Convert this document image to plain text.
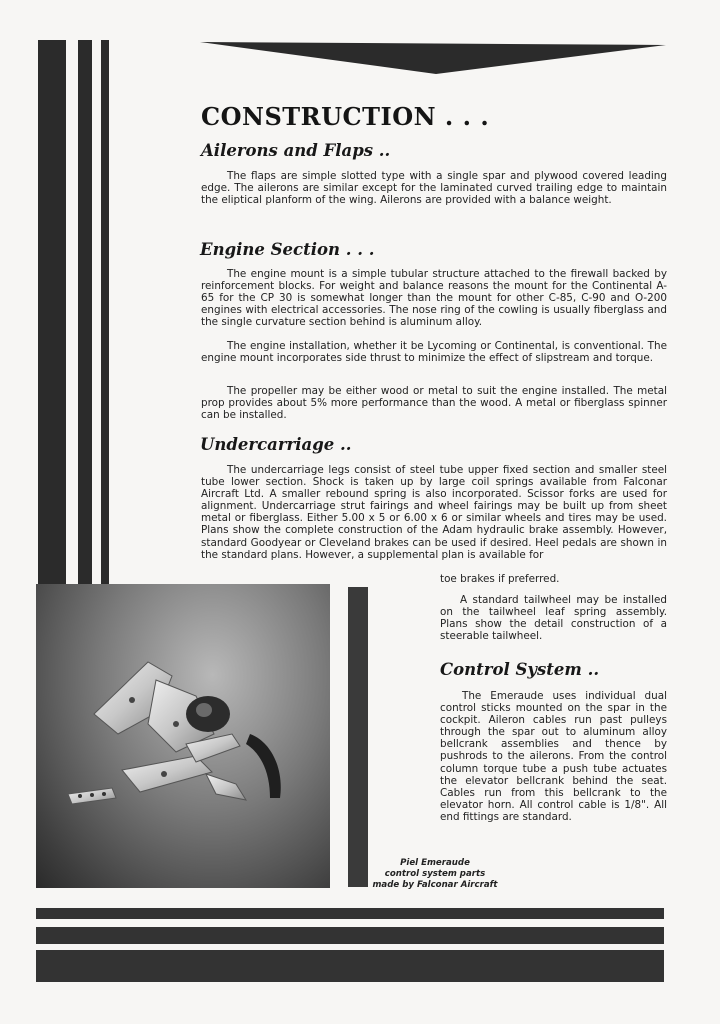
CONSTRUCTION . . .
Ailerons and Flaps ..

The flaps are simple slotted type with a single spar and plywood covered leading edge. The ailerons are similar except for the laminated curved trailing edge to maintain the eliptical planform of the wing. Ailerons are provided with a balance weight.

Engine Section . . .

The engine mount is a simple tubular structure attached to the firewall backed by reinforcement blocks. For weight and balance reasons the mount for the Continental A-65 for the CP 30 is somewhat longer than the mount for other C-85, C-90 and O-200 engines with electrical accessories. The nose ring of the cowling is usually fiberglass and the single curvature section behind is aluminum alloy.

The engine installation, whether it be Lycoming or Continental, is conventional. The engine mount incorporates side thrust to minimize the effect of slipstream and torque.

The propeller may be either wood or metal to suit the engine installed. The metal prop provides about 5% more performance than the wood. A metal or fiberglass spinner can be installed.

Undercarriage ..

The undercarriage legs consist of steel tube upper fixed section and smaller steel tube lower section. Shock is taken up by large coil springs available from Falconar Aircraft Ltd. A smaller rebound spring is also incorporated. Scissor forks are used for alignment. Undercarriage strut fairings and wheel fairings may be built up from sheet metal or fiberglass. Either 5.00 x 5 or 6.00 x 6 or similar wheels and tires may be used. Plans show the complete construction of the Adam hydraulic brake assembly. However, standard Goodyear or Cleveland brakes can be used if desired. Heel pedals are shown in the standard plans. However, a supplemental plan is available for

toe brakes if preferred.

A standard tailwheel may be installed on the tailwheel leaf spring assembly. Plans show the detail construction of a steerable tailwheel.

Control System ..

The Emeraude uses individual dual control sticks mounted on the spar in the cockpit. Aileron cables run past pulleys through the spar out to aluminum alloy bellcrank assemblies and thence by pushrods to the ailerons. From the control column torque tube a push tube actuates the elevator bellcrank behind the seat. Cables run from this bellcrank to the elevator horn. All control cable is 1/8". All end fittings are standard.

Piel Emeraude
control system parts
made by Falconar Aircraft
